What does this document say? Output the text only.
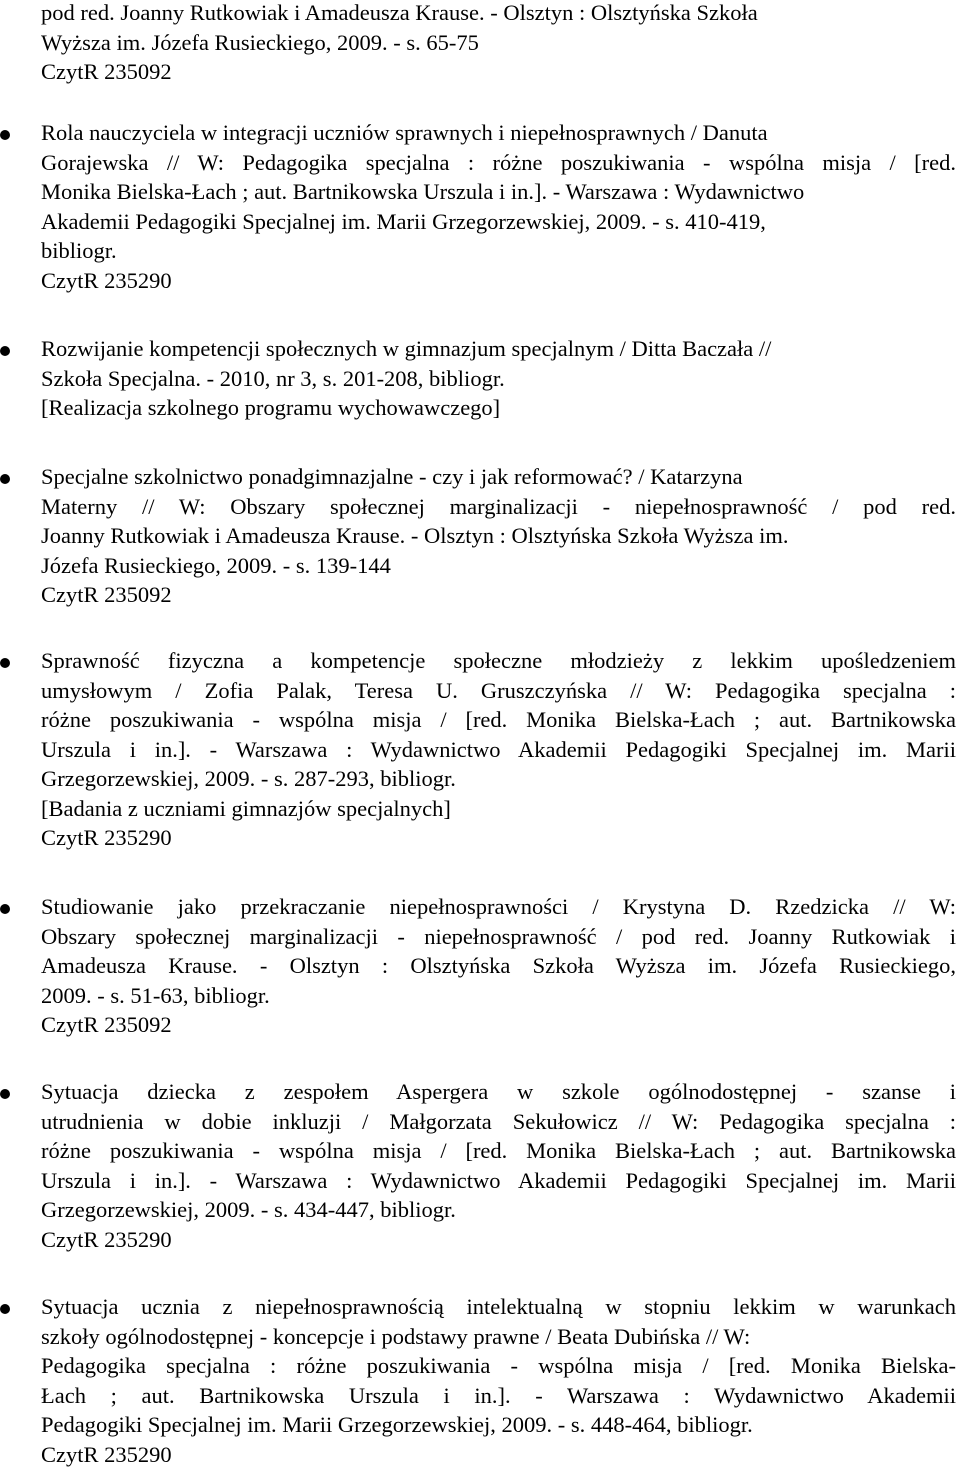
pod red. Joanny Rutkowiak i Amadeusza Krause. - Olsztyn : Olsztyńska Szkoła
Wyższa im. Józefa Rusieckiego, 2009. - s. 65-75
CzytR 235092
Rola nauczyciela w integracji uczniów sprawnych i niepełnosprawnych / Danuta
Gorajewska // W: Pedagogika specjalna : różne poszukiwania - wspólna misja / [red.
Monika Bielska-Łach ; aut. Bartnikowska Urszula i in.]. - Warszawa : Wydawnictwo
Akademii Pedagogiki Specjalnej im. Marii Grzegorzewskiej, 2009. - s. 410-419,
bibliogr.
CzytR 235290
Rozwijanie kompetencji społecznych w gimnazjum specjalnym / Ditta Baczała //
Szkoła Specjalna. - 2010, nr 3, s. 201-208, bibliogr.
[Realizacja szkolnego programu wychowawczego]
Specjalne szkolnictwo ponadgimnazjalne - czy i jak reformować? / Katarzyna
Materny // W: Obszary społecznej marginalizacji - niepełnosprawność / pod red.
Joanny Rutkowiak i Amadeusza Krause. - Olsztyn : Olsztyńska Szkoła Wyższa im.
Józefa Rusieckiego, 2009. - s. 139-144
CzytR 235092
Sprawność fizyczna a kompetencje społeczne młodzieży z lekkim upośledzeniem
umysłowym / Zofia Palak, Teresa U. Gruszczyńska // W: Pedagogika specjalna :
różne poszukiwania - wspólna misja / [red. Monika Bielska-Łach ; aut. Bartnikowska
Urszula i in.]. - Warszawa : Wydawnictwo Akademii Pedagogiki Specjalnej im. Marii
Grzegorzewskiej, 2009. - s. 287-293, bibliogr.
[Badania z uczniami gimnazjów specjalnych]
CzytR 235290
Studiowanie jako przekraczanie niepełnosprawności / Krystyna D. Rzedzicka // W:
Obszary społecznej marginalizacji - niepełnosprawność / pod red. Joanny Rutkowiak i
Amadeusza Krause. - Olsztyn : Olsztyńska Szkoła Wyższa im. Józefa Rusieckiego,
2009. - s. 51-63, bibliogr.
CzytR 235092
Sytuacja dziecka z zespołem Aspergera w szkole ogólnodostępnej - szanse i
utrudnienia w dobie inkluzji / Małgorzata Sekułowicz // W: Pedagogika specjalna :
różne poszukiwania - wspólna misja / [red. Monika Bielska-Łach ; aut. Bartnikowska
Urszula i in.]. - Warszawa : Wydawnictwo Akademii Pedagogiki Specjalnej im. Marii
Grzegorzewskiej, 2009. - s. 434-447, bibliogr.
CzytR 235290
Sytuacja ucznia z niepełnosprawnością intelektualną w stopniu lekkim w warunkach
szkoły ogólnodostępnej - koncepcje i podstawy prawne / Beata Dubińska // W:
Pedagogika specjalna : różne poszukiwania - wspólna misja / [red. Monika Bielska-
Łach ; aut. Bartnikowska Urszula i in.]. - Warszawa : Wydawnictwo Akademii
Pedagogiki Specjalnej im. Marii Grzegorzewskiej, 2009. - s. 448-464, bibliogr.
CzytR 235290
